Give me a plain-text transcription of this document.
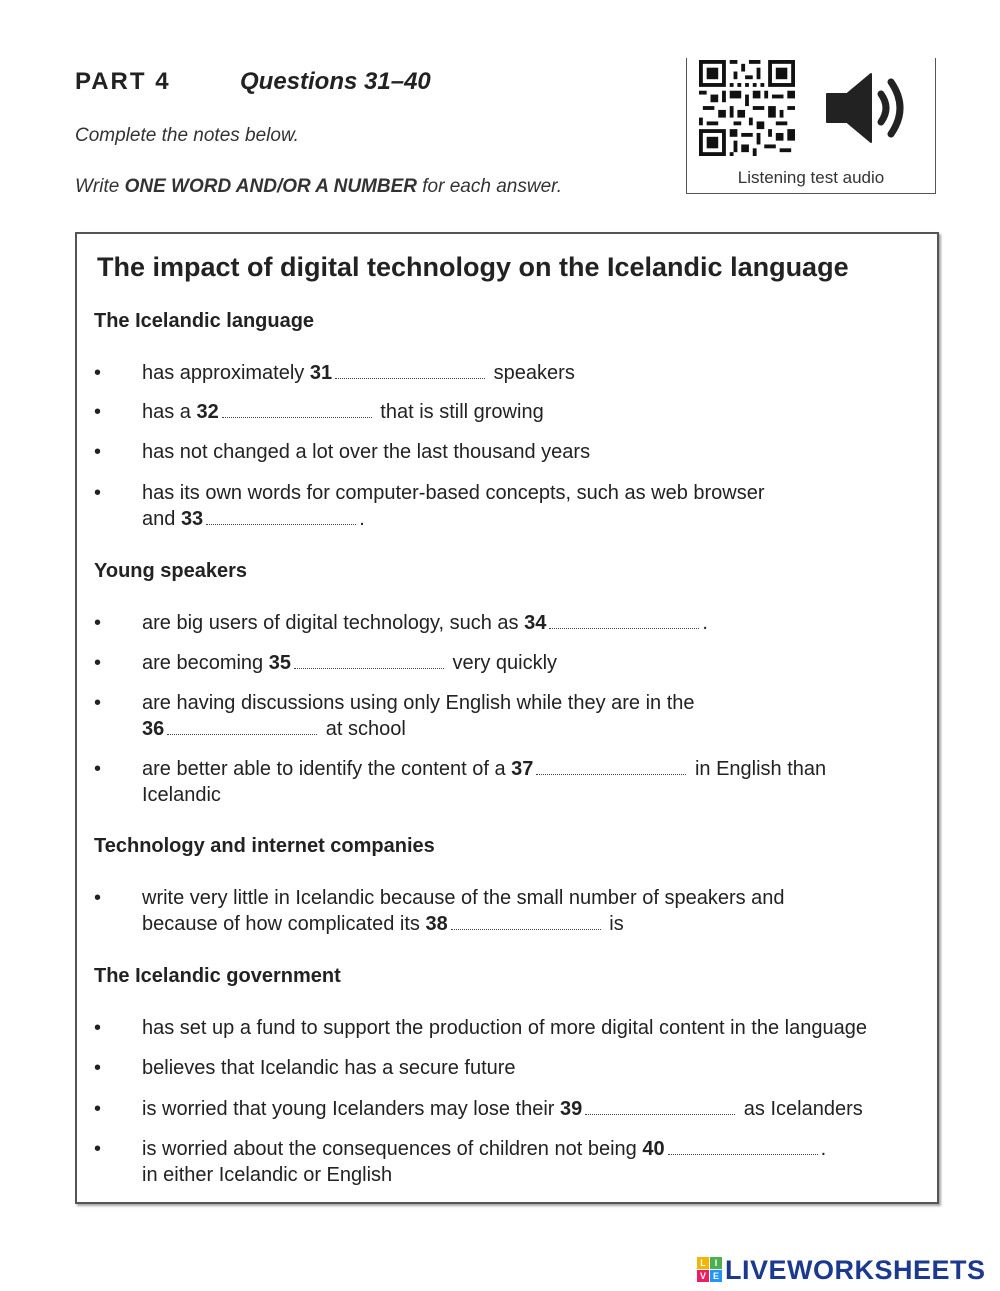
PART 4	Questions 31–40
Complete the notes below.
Write ONE WORD AND/OR A NUMBER for each answer.	Listening test audio
The impact of digital technology on the Icelandic language
The Icelandic language
• has approximately 31	speakers
• has a 32	that is still growing
• has not changed a lot over the last thousand years
• has its own words for computer-based concepts, such as web browser
and 33	.
Young speakers
• are big users of digital technology, such as 34	.
• are becoming 35	very quickly
• are having discussions using only English while they are in the
36	at school
• are better able to identify the content of a 37	in English than
Icelandic
Technology and internet companies
• write very little in Icelandic because of the small number of speakers and
because of how complicated its 38	is
The Icelandic government
• has set up a fund to support the production of more digital content in the language
• believes that Icelandic has a secure future
• is worried that young Icelanders may lose their 39	as Icelanders
• is worried about the consequences of children not being 40	.
in either Icelandic or English
L I
V E LIVEWORKSHEETS
